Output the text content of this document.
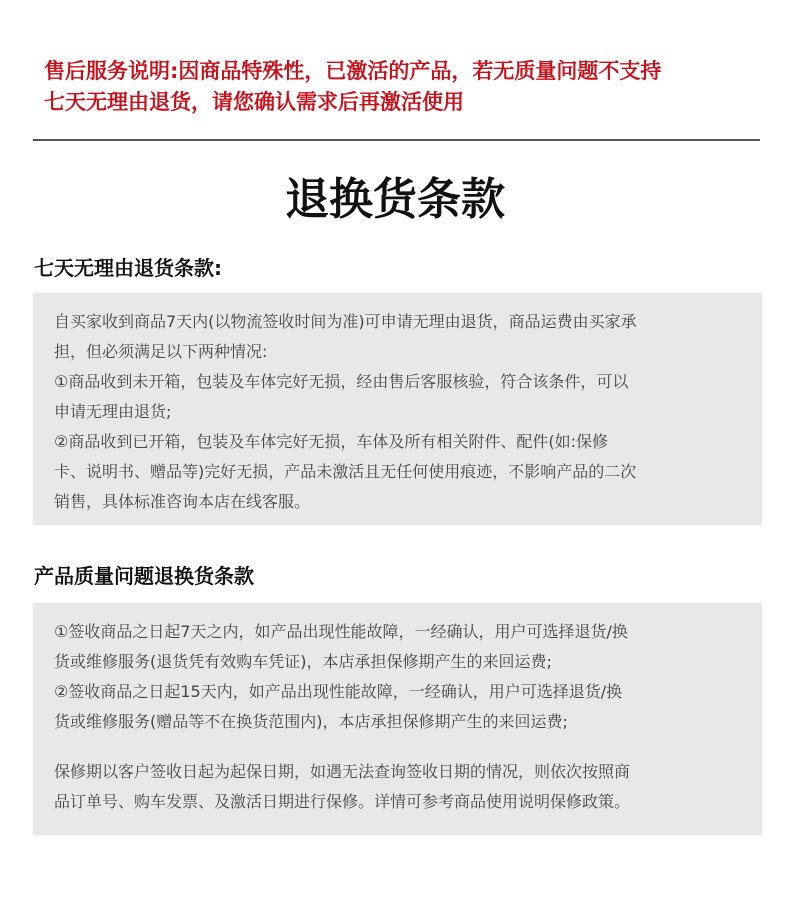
售后服务说明:因商品特殊性，已激活的产品，若无质量问题不支持

七天无理由退货，请您确认需求后再激活使用

退换货条款
七天无理由退货条款:

自买家收到商品7天内(以物流签收时间为准)可申请无理由退货，商品运费由买家承

担，但必须满足以下两种情况:

①商品收到未开箱，包装及车体完好无损，经由售后客服核验，符合该条件，可以

申请无理由退货;

②商品收到已开箱，包装及车体完好无损，车体及所有相关附件、配件(如:保修

卡、说明书、赠品等)完好无损，产品未激活且无任何使用痕迹，不影响产品的二次

销售，具体标准咨询本店在线客服。

产品质量问题退换货条款

①签收商品之日起7天之内，如产品出现性能故障，一经确认，用户可选择退货/换

货或维修服务(退货凭有效购车凭证)，本店承担保修期产生的来回运费;

②签收商品之日起15天内，如产品出现性能故障，一经确认，用户可选择退货/换

货或维修服务(赠品等不在换货范围内)，本店承担保修期产生的来回运费;

保修期以客户签收日起为起保日期，如遇无法查询签收日期的情况，则依次按照商

品订单号、购车发票、及激活日期进行保修。详情可参考商品使用说明保修政策。
